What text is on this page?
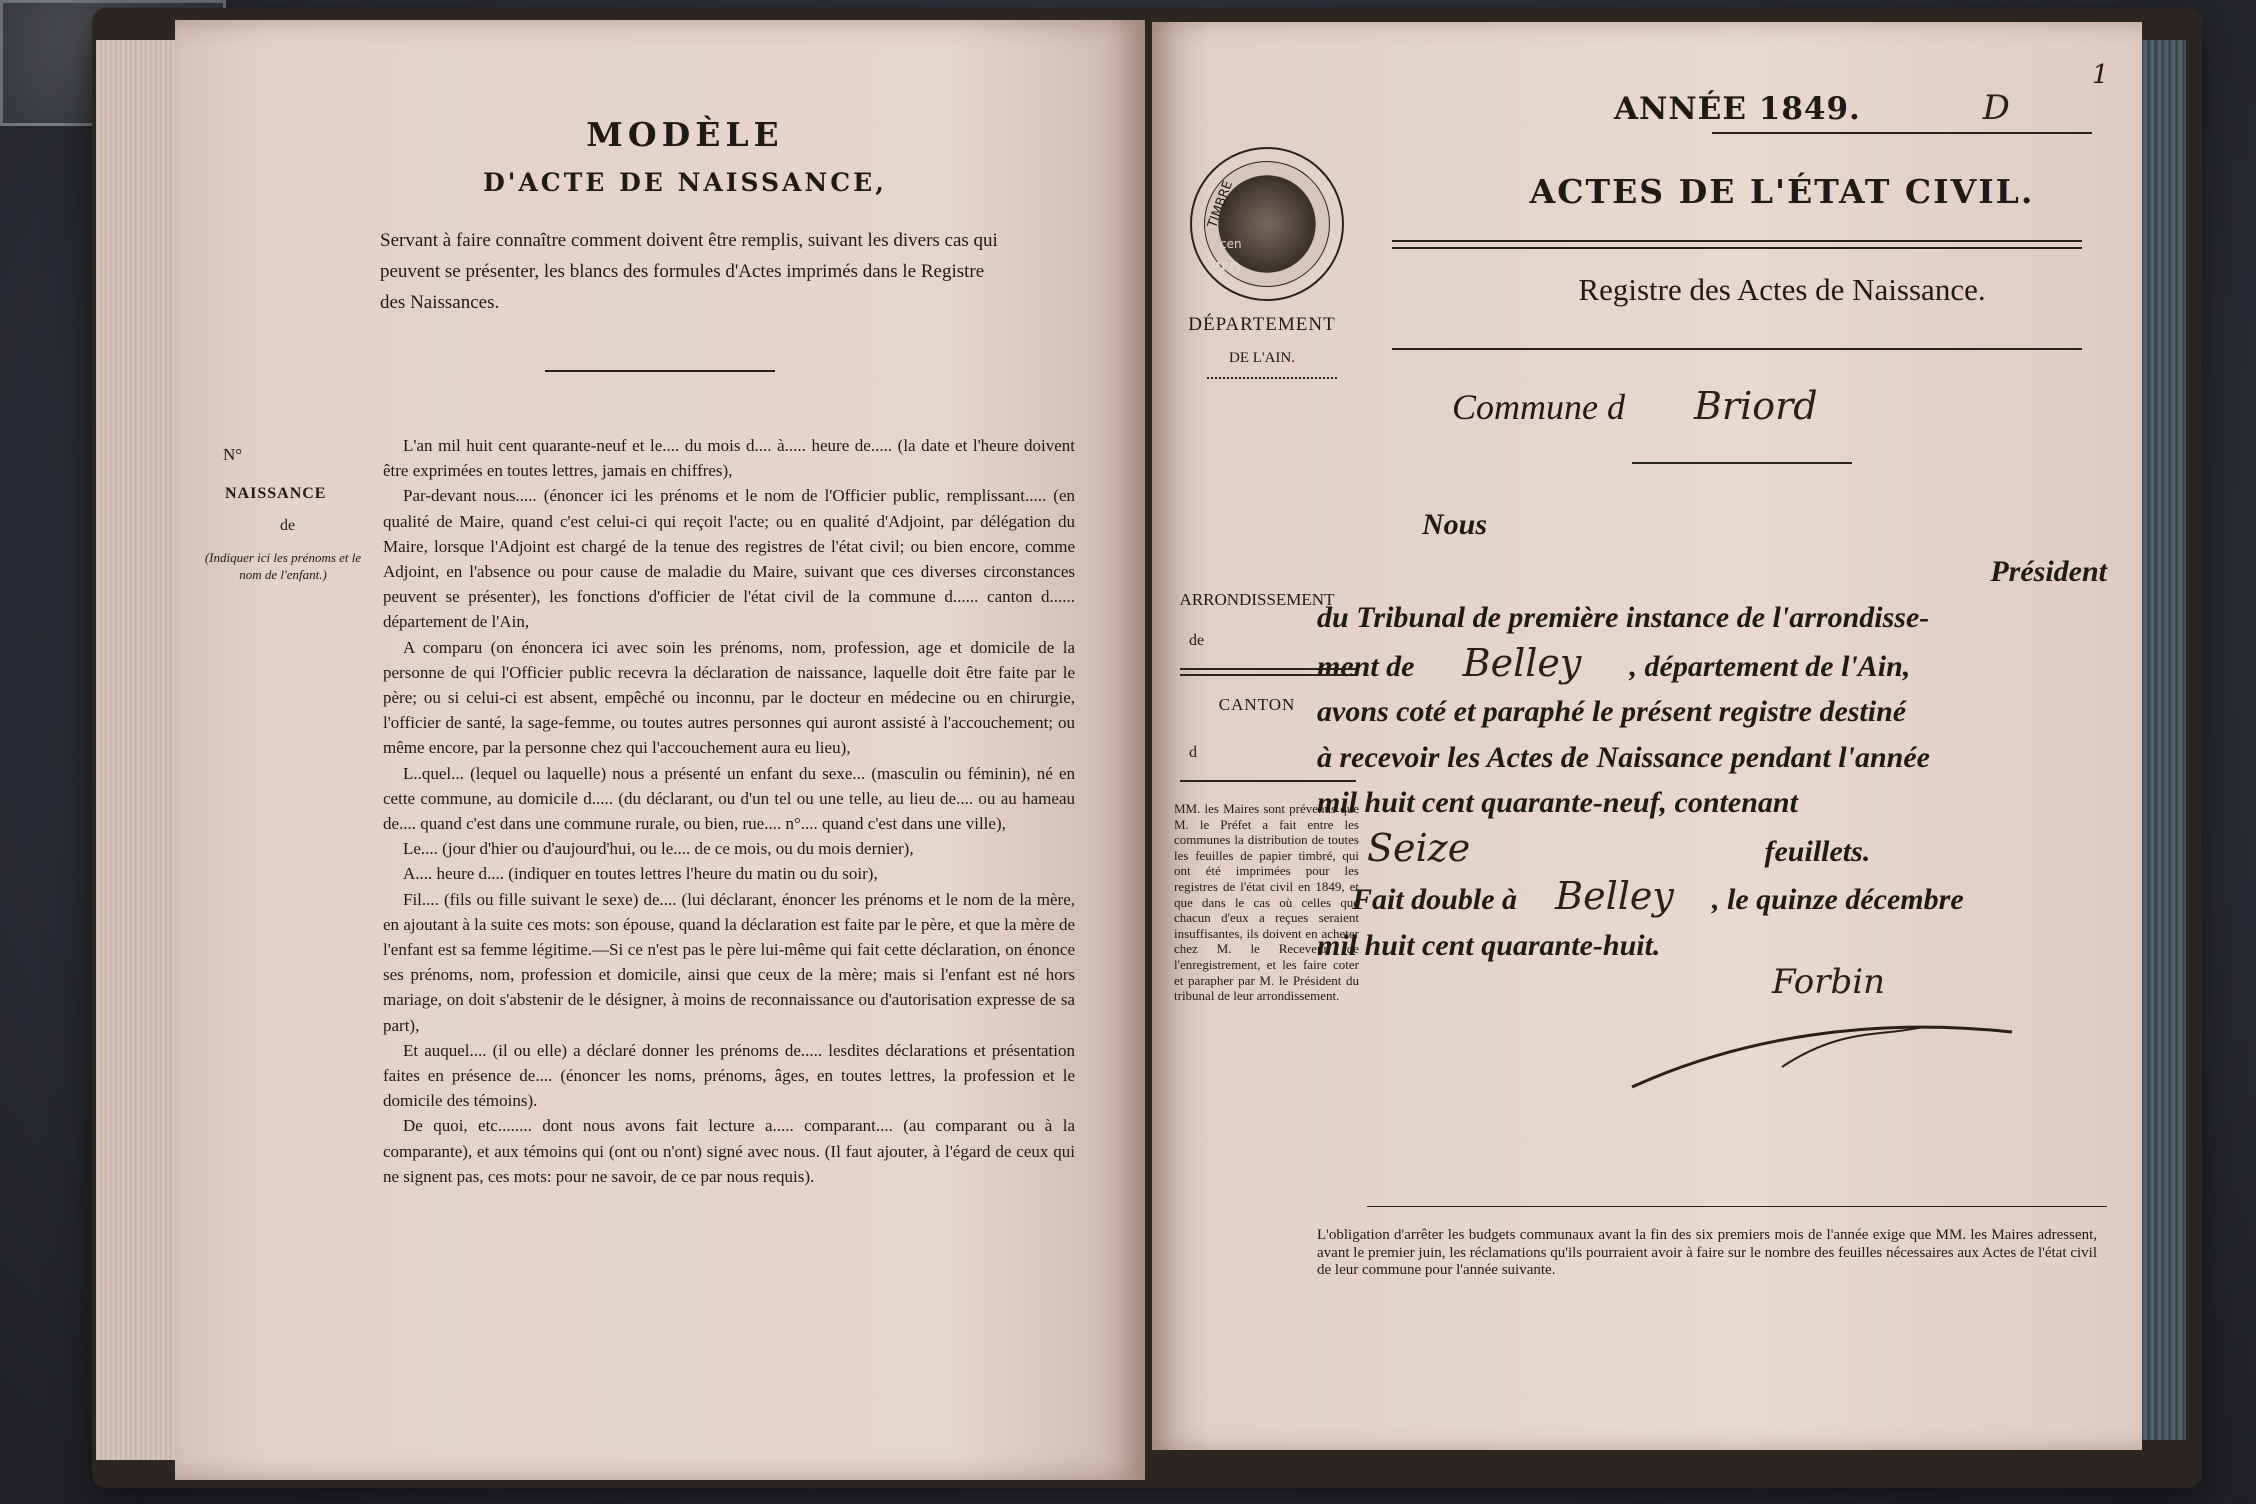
MODÈLE
D'ACTE DE NAISSANCE,
Servant à faire connaître comment doivent être remplis, suivant les divers cas qui peuvent se présenter, les blancs des formules d'Actes imprimés dans le Registre des Naissances.
N°
NAISSANCE
de
(Indiquer ici les prénoms et le nom de l'enfant.)

L'an mil huit cent quarante-neuf et le.... du mois d.... à..... heure de..... (la date et l'heure doivent être exprimées en toutes lettres, jamais en chiffres),

Par-devant nous..... (énoncer ici les prénoms et le nom de l'Officier public, remplissant..... (en qualité de Maire, quand c'est celui-ci qui reçoit l'acte; ou en qualité d'Adjoint, par délégation du Maire, lorsque l'Adjoint est chargé de la tenue des registres de l'état civil; ou bien encore, comme Adjoint, en l'absence ou pour cause de maladie du Maire, suivant que ces diverses circonstances peuvent se présenter), les fonctions d'officier de l'état civil de la commune d...... canton d...... département de l'Ain,

A comparu (on énoncera ici avec soin les prénoms, nom, profession, age et domicile de la personne de qui l'Officier public recevra la déclaration de naissance, laquelle doit être faite par le père; ou si celui-ci est absent, empêché ou inconnu, par le docteur en médecine ou en chirurgie, l'officier de santé, la sage-femme, ou toutes autres personnes qui auront assisté à l'accouchement; ou même encore, par la personne chez qui l'accouchement aura eu lieu),

L..quel... (lequel ou laquelle) nous a présenté un enfant du sexe... (masculin ou féminin), né en cette commune, au domicile d..... (du déclarant, ou d'un tel ou une telle, au lieu de.... ou au hameau de.... quand c'est dans une commune rurale, ou bien, rue.... n°.... quand c'est dans une ville),

Le.... (jour d'hier ou d'aujourd'hui, ou le.... de ce mois, ou du mois dernier),

A.... heure d.... (indiquer en toutes lettres l'heure du matin ou du soir),

Fil.... (fils ou fille suivant le sexe) de.... (lui déclarant, énoncer les prénoms et le nom de la mère, en ajoutant à la suite ces mots: son épouse, quand la déclaration est faite par le père, et que la mère de l'enfant est sa femme légitime.—Si ce n'est pas le père lui-même qui fait cette déclaration, on énonce ses prénoms, nom, profession et domicile, ainsi que ceux de la mère; mais si l'enfant est né hors mariage, on doit s'abstenir de le désigner, à moins de reconnaissance ou d'autorisation expresse de sa part),

Et auquel.... (il ou elle) a déclaré donner les prénoms de..... lesdites déclarations et présentation faites en présence de.... (énoncer les noms, prénoms, âges, en toutes lettres, la profession et le domicile des témoins).

De quoi, etc........ dont nous avons fait lecture a..... comparant.... (au comparant ou à la comparante), et aux témoins qui (ont ou n'ont) signé avec nous. (Il faut ajouter, à l'égard de ceux qui ne signent pas, ces mots: pour ne savoir, de ce par nous requis).

1
TIMBRE
cen
70
DÉPARTEMENT
DE L'AIN.
ANNÉE 1849.	D
ACTES DE L'ÉTAT CIVIL.
Registre des Actes de Naissance.
Commune d Briord
Nous
Président
du Tribunal de première instance de l'arrondisse-
ment de Belley , département de l'Ain,
avons coté et paraphé le présent registre destiné
à recevoir les Actes de Naissance pendant l'année
mil huit cent quarante-neuf, contenant
Seize	feuillets.
Fait double à Belley , le quinze décembre
mil huit cent quarante-huit.
Forbin
ARRONDISSEMENT
de
CANTON
d
MM. les Maires sont prévenus que M. le Préfet a fait entre les communes la distribution de toutes les feuilles de papier timbré, qui ont été imprimées pour les registres de l'état civil en 1849, et que dans le cas où celles que chacun d'eux a reçues seraient insuffisantes, ils doivent en acheter chez M. le Receveur de l'enregistrement, et les faire coter et parapher par M. le Président du tribunal de leur arrondissement.
L'obligation d'arrêter les budgets communaux avant la fin des six premiers mois de l'année exige que MM. les Maires adressent, avant le premier juin, les réclamations qu'ils pourraient avoir à faire sur le nombre des feuilles nécessaires aux Actes de l'état civil de leur commune pour l'année suivante.
